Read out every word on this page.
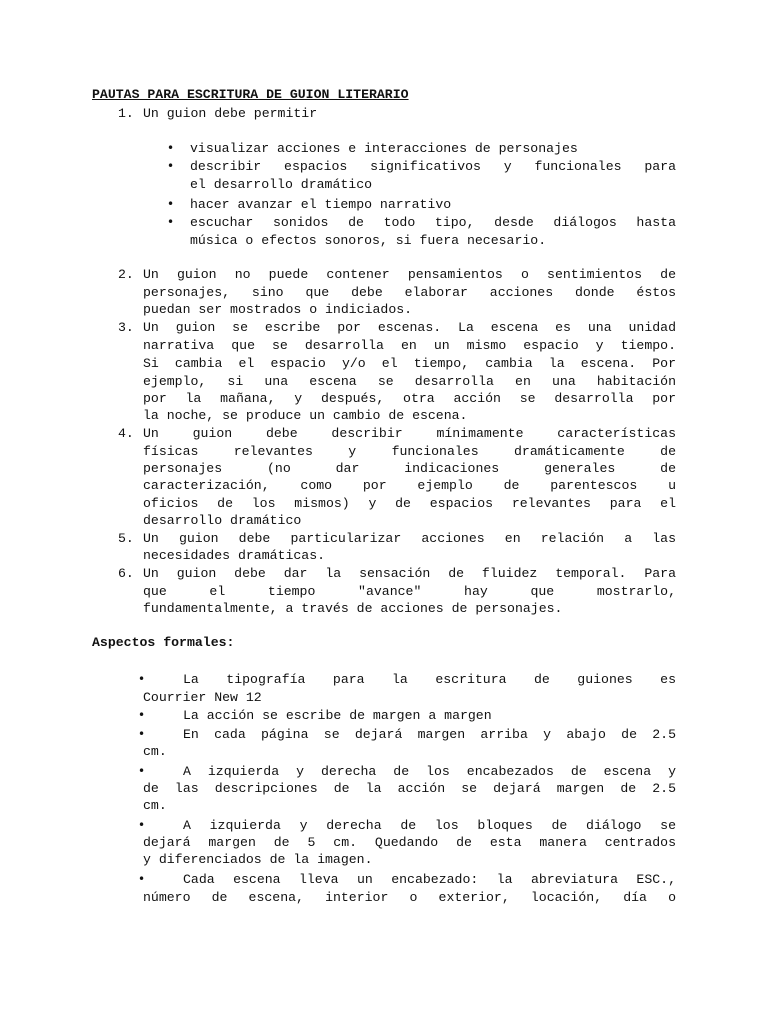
PAUTAS PARA ESCRITURA DE GUION LITERARIO
1. Un guion debe permitir
• visualizar acciones e interacciones de personajes
• describir espacios significativos y funcionales para
el desarrollo dramático
• hacer avanzar el tiempo narrativo
• escuchar sonidos de todo tipo, desde diálogos hasta
música o efectos sonoros, si fuera necesario.
2. Un guion no puede contener pensamientos o sentimientos de
personajes, sino que debe elaborar acciones donde éstos
puedan ser mostrados o indiciados.
3. Un guion se escribe por escenas. La escena es una unidad
narrativa que se desarrolla en un mismo espacio y tiempo.
Si cambia el espacio y/o el tiempo, cambia la escena. Por
ejemplo, si una escena se desarrolla en una habitación
por la mañana, y después, otra acción se desarrolla por
la noche, se produce un cambio de escena.
4. Un guion debe describir mínimamente características
físicas relevantes y funcionales dramáticamente de
personajes (no dar indicaciones generales de
caracterización, como por ejemplo de parentescos u
oficios de los mismos) y de espacios relevantes para el
desarrollo dramático
5. Un guion debe particularizar acciones en relación a las
necesidades dramáticas.
6. Un guion debe dar la sensación de fluidez temporal. Para
que el tiempo "avance" hay que mostrarlo,
fundamentalmente, a través de acciones de personajes.
Aspectos formales:
•	La tipografía para la escritura de guiones es
Courrier New 12
•	La acción se escribe de margen a margen
•	En cada página se dejará margen arriba y abajo de 2.5
cm.
•	A izquierda y derecha de los encabezados de escena y
de las descripciones de la acción se dejará margen de 2.5
cm.
•	A izquierda y derecha de los bloques de diálogo se
dejará margen de 5 cm. Quedando de esta manera centrados
y diferenciados de la imagen.
•	Cada escena lleva un encabezado: la abreviatura ESC.,
número de escena, interior o exterior, locación, día o
